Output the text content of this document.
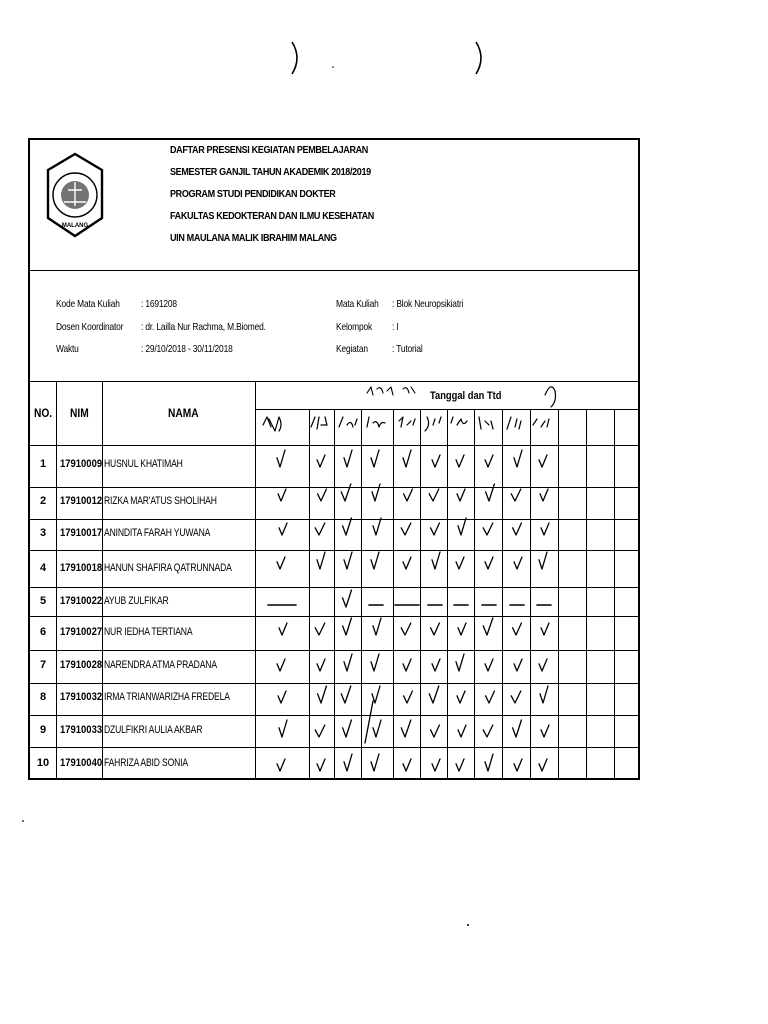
MALANG
DAFTAR PRESENSI KEGIATAN PEMBELAJARAN
SEMESTER GANJIL TAHUN AKADEMIK 2018/2019
PROGRAM STUDI PENDIDIKAN DOKTER
FAKULTAS KEDOKTERAN DAN ILMU KESEHATAN
UIN MAULANA MALIK IBRAHIM MALANG
Kode Mata Kuliah : 1691208
Dosen Koordinator : dr. Lailla Nur Rachma, M.Biomed.
Waktu	: 29/10/2018 - 30/11/2018
Mata Kuliah : Blok Neuropsikiatri
Kelompok : I
Kegiatan : Tutorial
NO. NIM	NAMA
Tanggal dan Ttd
1	17910009 HUSNUL KHATIMAH
2	17910012 RIZKA MAR'ATUS SHOLIHAH
3	17910017 ANINDITA FARAH YUWANA
4	17910018 HANUN SHAFIRA QATRUNNADA
5	17910022 AYUB ZULFIKAR
6	17910027 NUR IEDHA TERTIANA
7	17910028 NARENDRA ATMA PRADANA
8	17910032 IRMA TRIANWARIZHA FREDELA
9	17910033 DZULFIKRI AULIA AKBAR
10 17910040 FAHRIZA ABID SONIA
